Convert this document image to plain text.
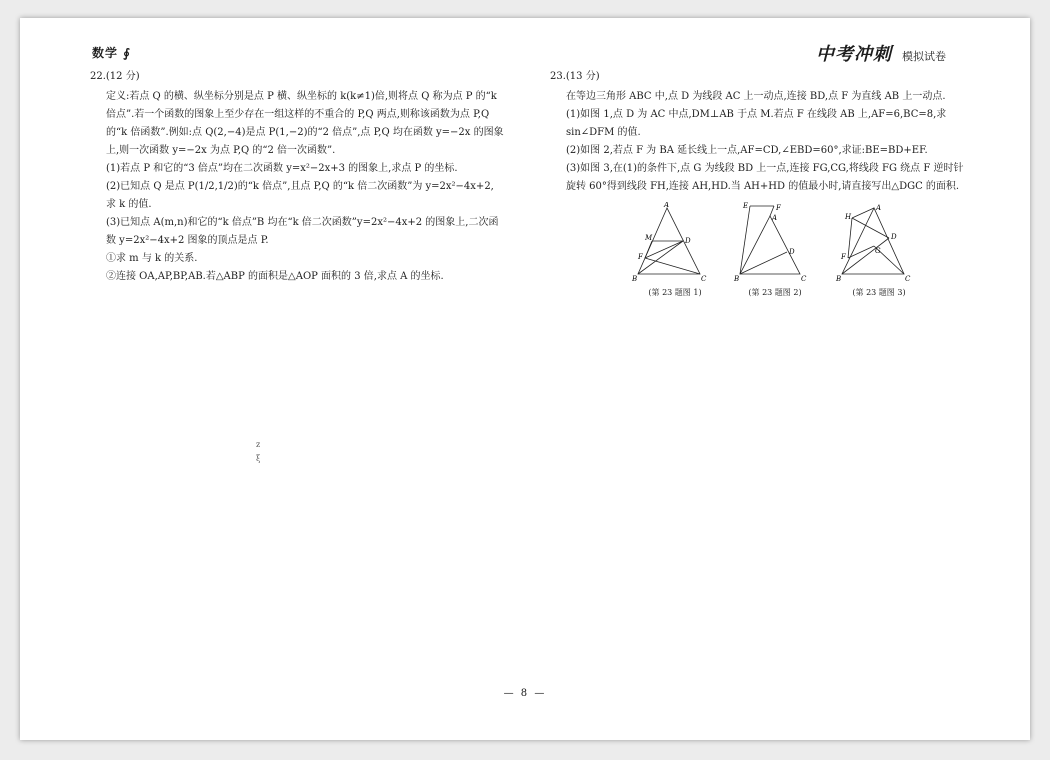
数学 ∮	中考冲刺 模拟试卷
22.(12 分)

定义:若点 Q 的横、纵坐标分别是点 P 横、纵坐标的 k(k≠1)倍,则将点 Q 称为点 P 的“k 倍点”.若一个函数的图象上至少存在一组这样的不重合的 P,Q 两点,则称该函数为点 P,Q 的“k 倍函数”.例如:点 Q(2,−4)是点 P(1,−2)的“2 倍点”,点 P,Q 均在函数 y=−2x 的图象上,则一次函数 y=−2x 为点 P,Q 的“2 倍一次函数”.

(1)若点 P 和它的“3 倍点”均在二次函数 y=x²−2x+3 的图象上,求点 P 的坐标.

(2)已知点 Q 是点 P(1/2,1/2)的“k 倍点”,且点 P,Q 的“k 倍二次函数”为 y=2x²−4x+2,

求 k 的值.

(3)已知点 A(m,n)和它的“k 倍点”B 均在“k 倍二次函数”y=2x²−4x+2 的图象上,二次函数 y=2x²−4x+2 图象的顶点是点 P.

①求 m 与 k 的关系.

②连接 OA,AP,BP,AB.若△ABP 的面积是△AOP 面积的 3 倍,求点 A 的坐标.

23.(13 分)

在等边三角形 ABC 中,点 D 为线段 AC 上一动点,连接 BD,点 F 为直线 AB 上一动点.

(1)如图 1,点 D 为 AC 中点,DM⊥AB 于点 M.若点 F 在线段 AB 上,AF=6,BC=8,求 sin∠DFM 的值.

(2)如图 2,若点 F 为 BA 延长线上一点,AF=CD,∠EBD=60°,求证:BE=BD+EF.

(3)如图 3,在(1)的条件下,点 G 为线段 BD 上一点,连接 FG,CG,将线段 FG 绕点 F 逆时针旋转 60°得到线段 FH,连接 AH,HD.当 AH+HD 的值最小时,请直接写出△DGC 的面积.

A
M	D
F
B	C
(第 23 题图 1)
E	F
A
D
B	C
(第 23 题图 2)
A
H
D
G
F
B	C
(第 23 题图 3)
z
ξ
— 8 —
